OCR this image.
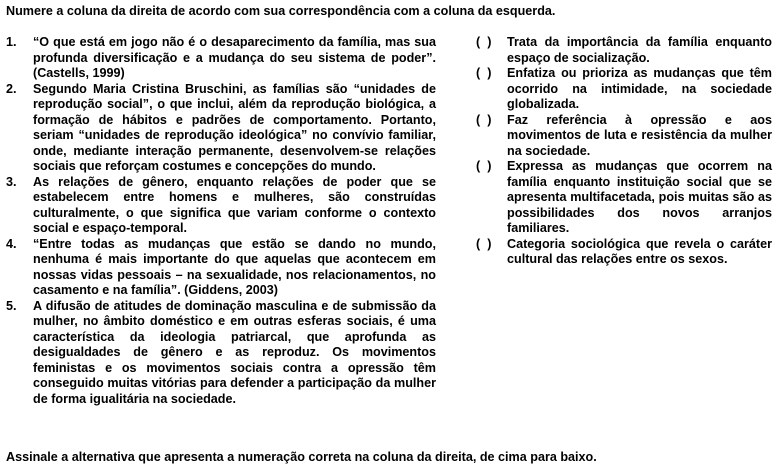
Numere a coluna da direita de acordo com sua correspondência com a coluna da esquerda.
1.	“O que está em jogo não é o desaparecimento da família, mas sua profunda diversificação e a mudança do seu sistema de poder”. (Castells, 1999)
2.	Segundo Maria Cristina Bruschini, as famílias são “unidades de reprodução social”, o que inclui, além da reprodução biológica, a formação de hábitos e padrões de comportamento. Portanto, seriam “unidades de reprodução ideológica” no convívio familiar, onde, mediante interação permanente, desenvolvem-se relações sociais que reforçam costumes e concepções do mundo.
3.	As relações de gênero, enquanto relações de poder que se estabelecem entre homens e mulheres, são construídas culturalmente, o que significa que variam conforme o contexto social e espaço-temporal.
4.	“Entre todas as mudanças que estão se dando no mundo, nenhuma é mais importante do que aquelas que acontecem em nossas vidas pessoais – na sexualidade, nos relacionamentos, no casamento e na família”. (Giddens, 2003)
5.	A difusão de atitudes de dominação masculina e de submissão da mulher, no âmbito doméstico e em outras esferas sociais, é uma característica da ideologia patriarcal, que aprofunda as desigualdades de gênero e as reproduz. Os movimentos feministas e os movimentos sociais contra a opressão têm conseguido muitas vitórias para defender a participação da mulher de forma igualitária na sociedade.
(  )	Trata da importância da família enquanto espaço de socialização.
(  )	Enfatiza ou prioriza as mudanças que têm ocorrido na intimidade, na sociedade globalizada.
(  )	Faz referência à opressão e aos movimentos de luta e resistência da mulher na sociedade.
(  )	Expressa as mudanças que ocorrem na família enquanto instituição social que se apresenta multifacetada, pois muitas são as possibilidades dos novos arranjos familiares.
(  )	Categoria sociológica que revela o caráter cultural das relações entre os sexos.
Assinale a alternativa que apresenta a numeração correta na coluna da direita, de cima para baixo.
